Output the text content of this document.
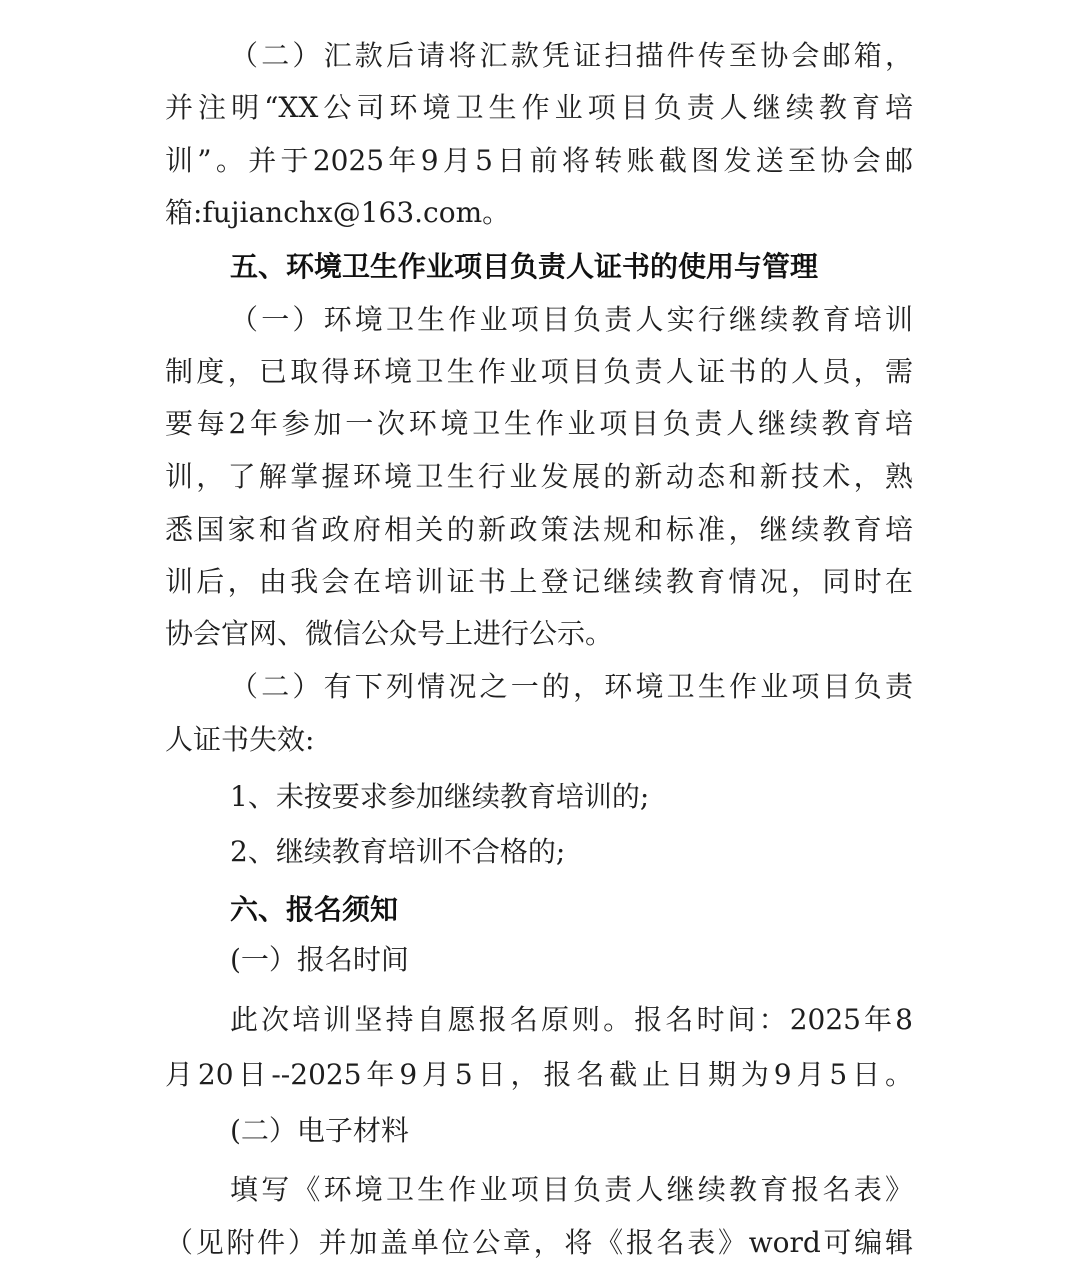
（二）汇款后请将汇款凭证扫描件传至协会邮箱，
并注明“XX公司环境卫生作业项目负责人继续教育培
训”。并于2025年9月5日前将转账截图发送至协会邮
箱:fujianchx@163.com。
五、环境卫生作业项目负责人证书的使用与管理
（一）环境卫生作业项目负责人实行继续教育培训
制度，已取得环境卫生作业项目负责人证书的人员，需
要每2年参加一次环境卫生作业项目负责人继续教育培
训，了解掌握环境卫生行业发展的新动态和新技术，熟
悉国家和省政府相关的新政策法规和标准，继续教育培
训后，由我会在培训证书上登记继续教育情况，同时在
协会官网、微信公众号上进行公示。
（二）有下列情况之一的，环境卫生作业项目负责
人证书失效:
1、未按要求参加继续教育培训的;
2、继续教育培训不合格的;
六、报名须知
(一）报名时间
此次培训坚持自愿报名原则。报名时间：2025年8
月20日--2025年9月5日，报名截止日期为9月5日。
(二）电子材料
填写《环境卫生作业项目负责人继续教育报名表》
（见附件）并加盖单位公章，将《报名表》word可编辑
